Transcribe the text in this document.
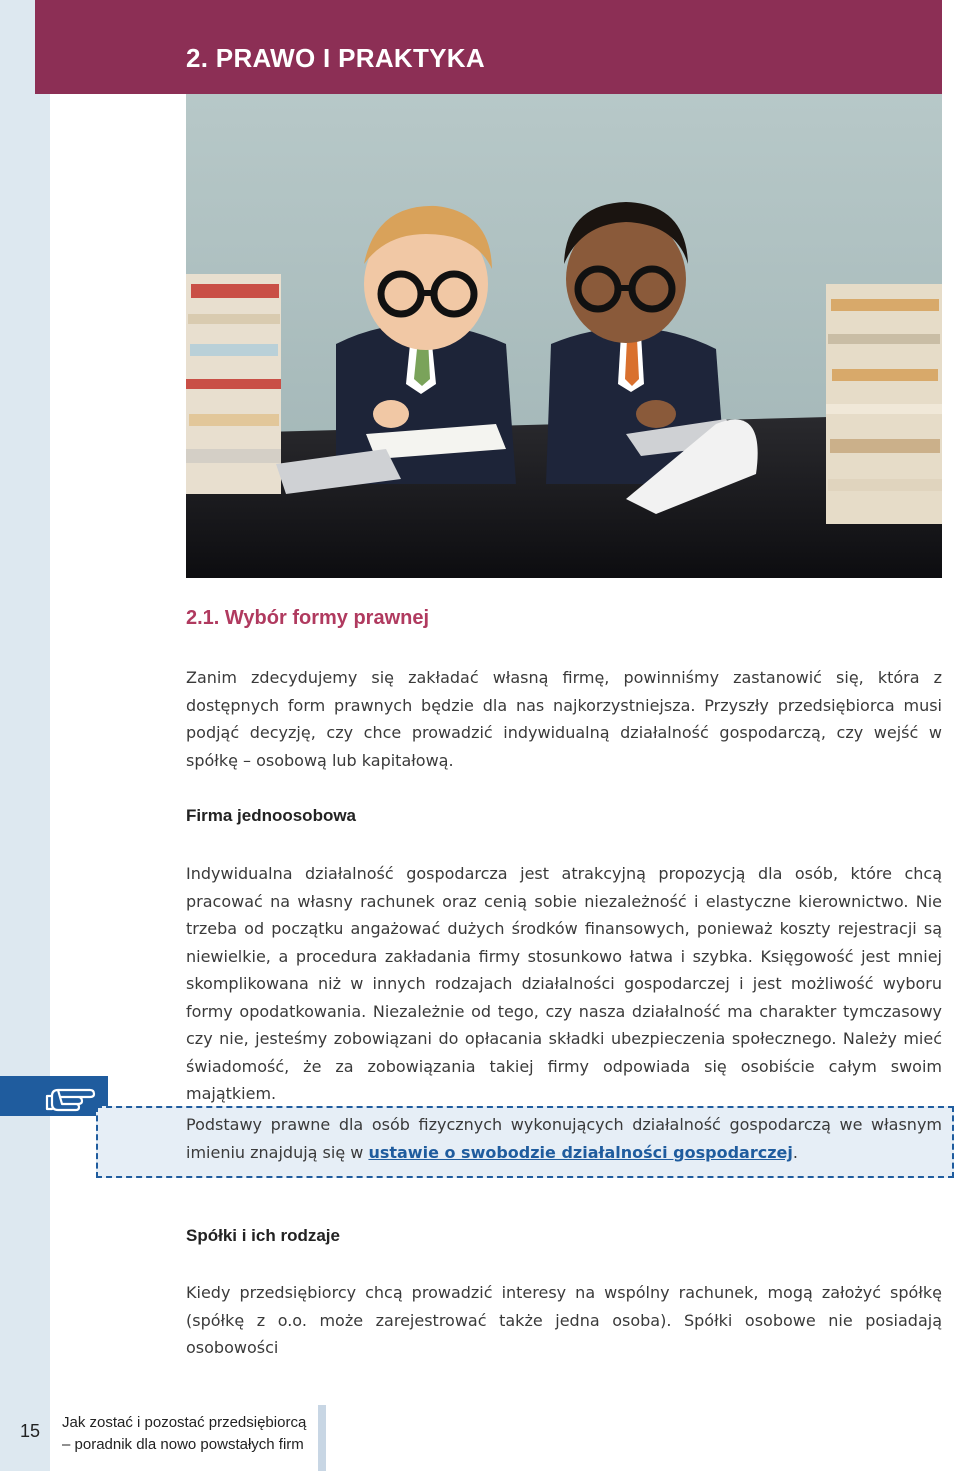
2. PRAWO I PRAKTYKA
2.1. Wybór formy prawnej

Zanim zdecydujemy się zakładać własną firmę, powinniśmy zastanowić się, która z dostępnych form prawnych będzie dla nas najkorzystniejsza. Przyszły przedsiębiorca musi podjąć decyzję, czy chce prowadzić indywidualną działalność gospodarczą, czy wejść w spółkę – osobową lub kapitałową.

Firma jednoosobowa

Indywidualna działalność gospodarcza jest atrakcyjną propozycją dla osób, które chcą pracować na własny rachunek oraz cenią sobie niezależność i elastyczne kierownictwo. Nie trzeba od początku angażować dużych środków finansowych, ponieważ koszty rejestracji są niewielkie, a procedura zakładania firmy stosunkowo łatwa i szybka. Księgowość jest mniej skomplikowana niż w innych rodzajach działalności gospodarczej i jest możliwość wyboru formy opodatkowania. Niezależnie od tego, czy nasza działalność ma charakter tymczasowy czy nie, jesteśmy zobowiązani do opłacania składki ubezpieczenia społecznego. Należy mieć świadomość, że za zobowiązania takiej firmy odpowiada się osobiście całym swoim majątkiem.

Podstawy prawne dla osób fizycznych wykonujących działalność gospodarczą we własnym imieniu znajdują się w ustawie o swobodzie działalności gospodarczej.

Spółki i ich rodzaje

Kiedy przedsiębiorcy chcą prowadzić interesy na wspólny rachunek, mogą założyć spółkę (spółkę z o.o. może zarejestrować także jedna osoba). Spółki osobowe nie posiadają osobowości

15 Jak zostać i pozostać przedsiębiorcą
– poradnik dla nowo powstałych firm
